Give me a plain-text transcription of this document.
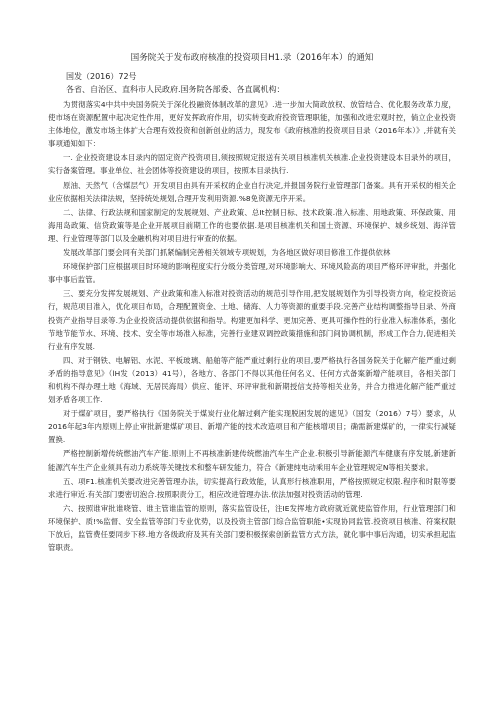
国务院关于发布政府核准的投资项目H1.录（2016年本）的通知

国发（2016）72号

各省、自治区、直科市人民政府.国务院各部委、各直属机构：

为贯彻落实4中共中央国务院关于深化投融资体制改革的意见》.进一步加大简政放权、放管结合、优化服务改革力度，使市场在资源配置中起决定性作用，更好发挥政府作用，切实转变政府投资管理职能，加强和改进宏观时控，倘立企业投资主体地位，激发市场主体扩大合理有效投资和创新创业的活力，现发布《政府核准的投资项目目录（2016年本）》,并就有关事项通知如下：

一. 企业投资建设本目录内的固定资产投资项目,须按照规定报送有关项目核准机关核准.企业投资建设本目录外的项目，实行备案管理。事业单位、社会团体等投资建设的项目，按照本目录执行.

原油、天然气（含煤层气）开发项目由具有开采权的企业自行决定,并报国务院行业管理部门备案。具有开采权的相关企业应依据相关法律法规，坚持统处规划,合理开发利用资源.%8免资源无序开采。

二、法律、行政法规和国家制定的发展规划、产业政策、总It控制日标、技术政策.准入标准、用地政策、环保政策、用海用岛政策、信贷政策等是企业开展项目前期工作的也要依据.是项目核准机关和国土资源、环境保护、城乡统划、海洋管理、行业管理等部门以及金融机构对项目进行审查的依据。

发展改革部门要会同有关部门抓紧编制完善相关领域专项规划，为各地区做好项目修准工作提供依林

环境保护部门应根据项目时环境的影响程度实行分级分类管理,对环境影响大、环境风险高的项目严格环评审批，并强化事中事后监管。

三、要充分发挥发展规划、产业政策和准入标准对投资活动的规范引导作用,把发展规划作为引导投资方向，检定投资运行，规范项目准入，优化项目布局，合理配置资金、土地、储海、人力等资源的重要手段.完善产业结构调整指导目录、外商投资产业指导目录等.为企业投资活动提供依据和指导。构建更加科学、更加完善、更具可操作性的行业准入标准体系，强化节地节能节水、环境、技术、安全等市场准入标准，完善行业建双调控政策措施和部门间协调机制，形成工作合力,促进相关行业有序发展.

四、对于钢铁、电解铝、水泥、平板玻璃、船舶等产能严重过剩行业的项目,要严格执行各国务院关于化解产能严重过剩矛盾的指导意见》（lH发（2013）41号），各地方、各部门不得以其他任何名义、任何方式备案新增产能项目，各相关部门和机构不得办理土地《海域、无居民海局）供应、能评、环评审批和新期授信支持等相关业务，并合力推进化解产能严重过划矛盾各项工作.

对于煤矿项目，要严格执行《国务院关于煤炭行业化解过剩产能实现脱困发展的遮见》（国发（2016）7号）要求，从2016年起3年内原则上停止审批新建煤矿项目、新增产能的技术改造项目和产能核增项目；确需新建煤矿的，一律实行减疑置换.

严格控制新增传统燃油汽车产能.原则上不再核准新建传统燃油汽车生产企业.积极引导新能源汽车健康有序发展,新建新能源汽车生产企业须具有动力系统等关键技术和整车研发能力，符合《新建纯电动乘用车企业管理规定N等相关要求。

五、项F1.核准机关要改进完善管理办法，切实提高行政效能，认真形行核准职用，严格按照规定权限.程序和时限等要求进行审近.有关部门要密切泡合.按照职责分工，相应改进管理办法.依法加强对投资活动的管理.

六、按照谁审批谁哓管、谁主管谁监管的原则，落实监管设任，注IE发挥地方政府就近就使监管作用，行业管理部门和环境保护、质!%监督、安全监管等部门专业优势，以及投资主管部门综合监管职能•实现协同监管.投资项目核准、符案权限下放后，监管费任要同步下移.地方各级政府及其有关部门要积极探索创新监管方式方法，就化事中事后沟通，切实承担起监管职责。
